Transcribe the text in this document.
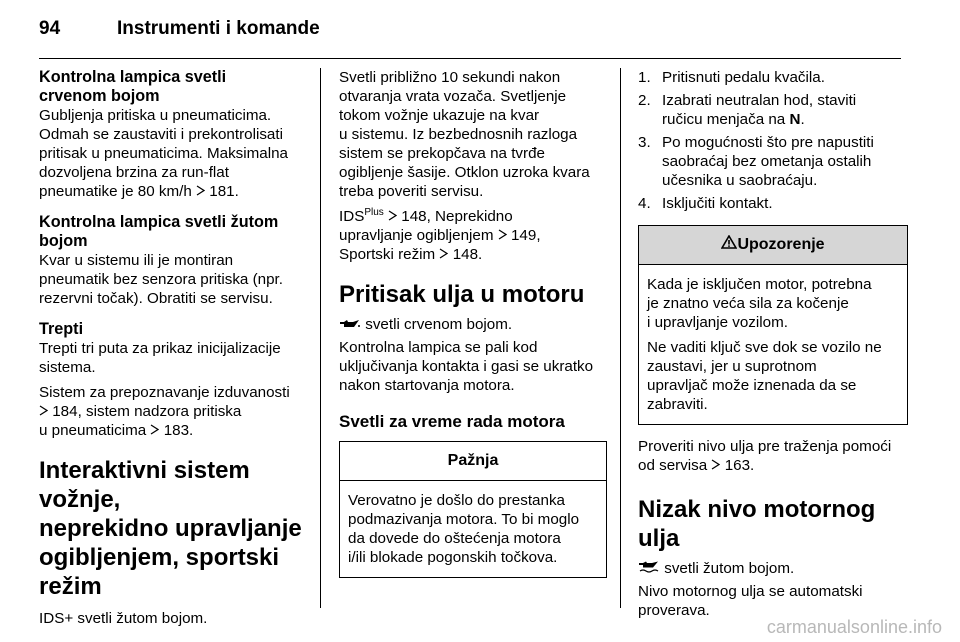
94	Instrumenti i komande
Kontrolna lampica svetli
crvenom bojom

Gubljenja pritiska u pneumaticima.
Odmah se zaustaviti i prekontrolisati
pritisak u pneumaticima. Maksimalna
dozvoljena brzina za run-flat
pneumatike je 80 km/h 181.

Kontrolna lampica svetli žutom
bojom

Kvar u sistemu ili je montiran
pneumatik bez senzora pritiska (npr.
rezervni točak). Obratiti se servisu.

Trepti

Trepti tri puta za prikaz inicijalizacije
sistema.

Sistem za prepoznavanje izduvanosti
184, sistem nadzora pritiska
u pneumaticima 183.

Interaktivni sistem vožnje,
neprekidno upravljanje
ogibljenjem, sportski režim

IDS+ svetli žutom bojom.

Svetli približno 10 sekundi nakon
otvaranja vrata vozača. Svetljenje
tokom vožnje ukazuje na kvar
u sistemu. Iz bezbednosnih razloga
sistem se prekopčava na tvrđe
ogibljenje šasije. Otklon uzroka kvara
treba poveriti servisu.

$IDS^{Plus}$ 148, Neprekidno
upravljanje ogibljenjem 149,
Sportski režim 148.

Pritisak ulja u motoru

svetli crvenom bojom.

Kontrolna lampica se pali kod
uključivanja kontakta i gasi se ukratko
nakon startovanja motora.

Svetli za vreme rada motora
Pažnja
Verovatno je došlo do prestanka
podmazivanja motora. To bi moglo
da dovede do oštećenja motora
i/ili blokade pogonskih točkova.
1. Pritisnuti pedalu kvačila.
2. Izabrati neutralan hod, staviti
ručicu menjača na N.
3. Po mogućnosti što pre napustiti
saobraćaj bez ometanja ostalih
učesnika u saobraćaju.
4. Isključiti kontakt.
Upozorenje

Kada je isključen motor, potrebna
je znatno veća sila za kočenje
i upravljanje vozilom.

Ne vaditi ključ sve dok se vozilo ne
zaustavi, jer u suprotnom
upravljač može iznenada da se
zabraviti.

Proveriti nivo ulja pre traženja pomoći
od servisa 163.

Nizak nivo motornog ulja

svetli žutom bojom.

Nivo motornog ulja se automatski
proverava.

carmanualsonline.info
